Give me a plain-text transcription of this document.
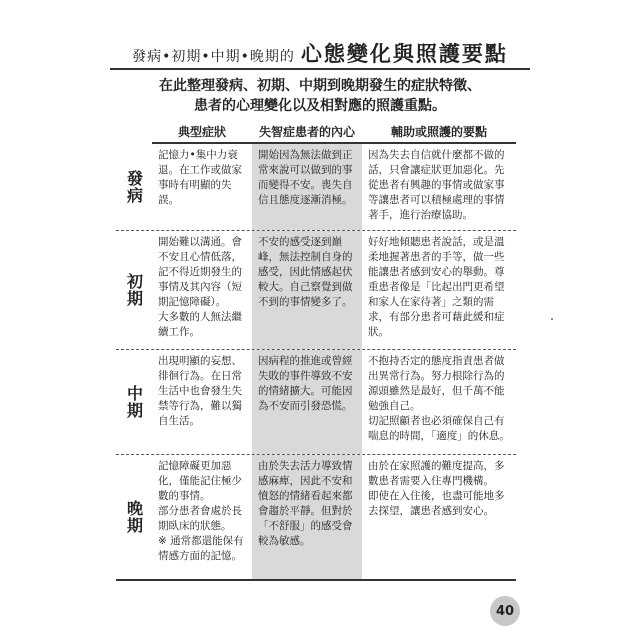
發病•初期•中期•晚期的 心態變化與照護要點
在此整理發病、初期、中期到晚期發生的症狀特徵、
患者的心理變化以及相對應的照護重點。
典型症狀	失智症患者的內心	輔助或照護的要點
發病

記憶力•集中力衰退。在工作或做家事時有明顯的失誤。

開始因為無法做到正常來說可以做到的事而變得不安。喪失自信且態度逐漸消極。

因為失去自信就什麼都不做的話，只會讓症狀更加惡化。先從患者有興趣的事情或做家事等讓患者可以積極處理的事情著手，進行治療協助。

初期

開始難以溝通。會不安且心情低落，記不得近期發生的事情及其內容（短期記憶障礙）。

大多數的人無法繼續工作。

不安的感受逐到巔峰，無法控制自身的感受，因此情感起伏較大。自己察覺到做不到的事情變多了。

好好地傾聽患者說話，或是溫柔地握著患者的手等，做一些能讓患者感到安心的舉動。尊重患者像是「比起出門更希望和家人在家待著」之類的需求，有部分患者可藉此緩和症狀。

中期

出現明顯的妄想、徘徊行為。在日常生活中也會發生失禁等行為，難以獨自生活。

因病程的推進或曾經失敗的事件導致不安的情緒擴大。可能因為不安而引發恐慌。

不抱持否定的態度指責患者做出異常行為。努力根除行為的源頭雖然是最好，但千萬不能勉強自己。

切記照顧者也必須確保自己有喘息的時間，「適度」的休息。

晚期

記憶障礙更加惡化，僅能記住極少數的事情。

部分患者會處於長期臥床的狀態。

※ 通常都還能保有情感方面的記憶。

由於失去活力導致情感麻痺，因此不安和憤怒的情緒看起來都會趨於平靜。但對於「不舒服」的感受會較為敏感。

由於在家照護的難度提高，多數患者需要入住專門機構。

即使在入住後，也盡可能地多去探望，讓患者感到安心。

40
